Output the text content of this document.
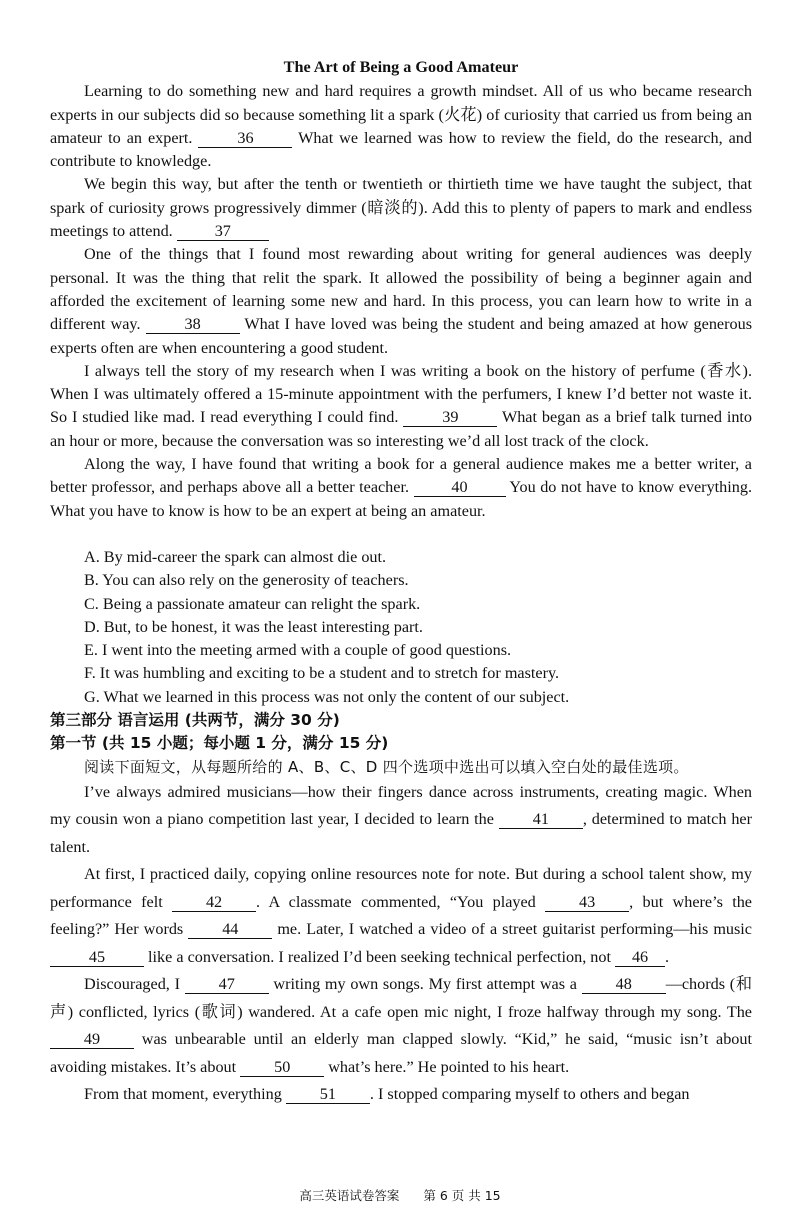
The Art of Being a Good Amateur

Learning to do something new and hard requires a growth mindset. All of us who became research experts in our subjects did so because something lit a spark (火花) of curiosity that carried us from being an amateur to an expert. 36 What we learned was how to review the field, do the research, and contribute to knowledge.

We begin this way, but after the tenth or twentieth or thirtieth time we have taught the subject, that spark of curiosity grows progressively dimmer (暗淡的). Add this to plenty of papers to mark and endless meetings to attend. 37

One of the things that I found most rewarding about writing for general audiences was deeply personal. It was the thing that relit the spark. It allowed the possibility of being a beginner again and afforded the excitement of learning some new and hard. In this process, you can learn how to write in a different way. 38 What I have loved was being the student and being amazed at how generous experts often are when encountering a good student.

I always tell the story of my research when I was writing a book on the history of perfume (香水). When I was ultimately offered a 15-minute appointment with the perfumers, I knew I’d better not waste it. So I studied like mad. I read everything I could find. 39 What began as a brief talk turned into an hour or more, because the conversation was so interesting we’d all lost track of the clock.

Along the way, I have found that writing a book for a general audience makes me a better writer, a better professor, and perhaps above all a better teacher. 40 You do not have to know everything. What you have to know is how to be an expert at being an amateur.

A. By mid-career the spark can almost die out.

B. You can also rely on the generosity of teachers.

C. Being a passionate amateur can relight the spark.

D. But, to be honest, it was the least interesting part.

E. I went into the meeting armed with a couple of good questions.

F. It was humbling and exciting to be a student and to stretch for mastery.

G. What we learned in this process was not only the content of our subject.

第三部分 语言运用 (共两节，满分 30 分)

第一节 (共 15 小题；每小题 1 分，满分 15 分)

阅读下面短文，从每题所给的 A、B、C、D 四个选项中选出可以填入空白处的最佳选项。

I’ve always admired musicians—how their fingers dance across instruments, creating magic. When my cousin won a piano competition last year, I decided to learn the 41 , determined to match her talent.

At first, I practiced daily, copying online resources note for note. But during a school talent show, my performance felt 42 . A classmate commented, “You played 43 , but where’s the feeling?” Her words 44 me. Later, I watched a video of a street guitarist performing—his music 45 like a conversation. I realized I’d been seeking technical perfection, not 46 .

Discouraged, I 47 writing my own songs. My first attempt was a 48 —chords (和声) conflicted, lyrics (歌词) wandered. At a cafe open mic night, I froze halfway through my song. The 49 was unbearable until an elderly man clapped slowly. “Kid,” he said, “music isn’t about avoiding mistakes. It’s about 50 what’s here.” He pointed to his heart.

From that moment, everything 51 . I stopped comparing myself to others and began

高三英语试卷答案 第 6 页 共 15
